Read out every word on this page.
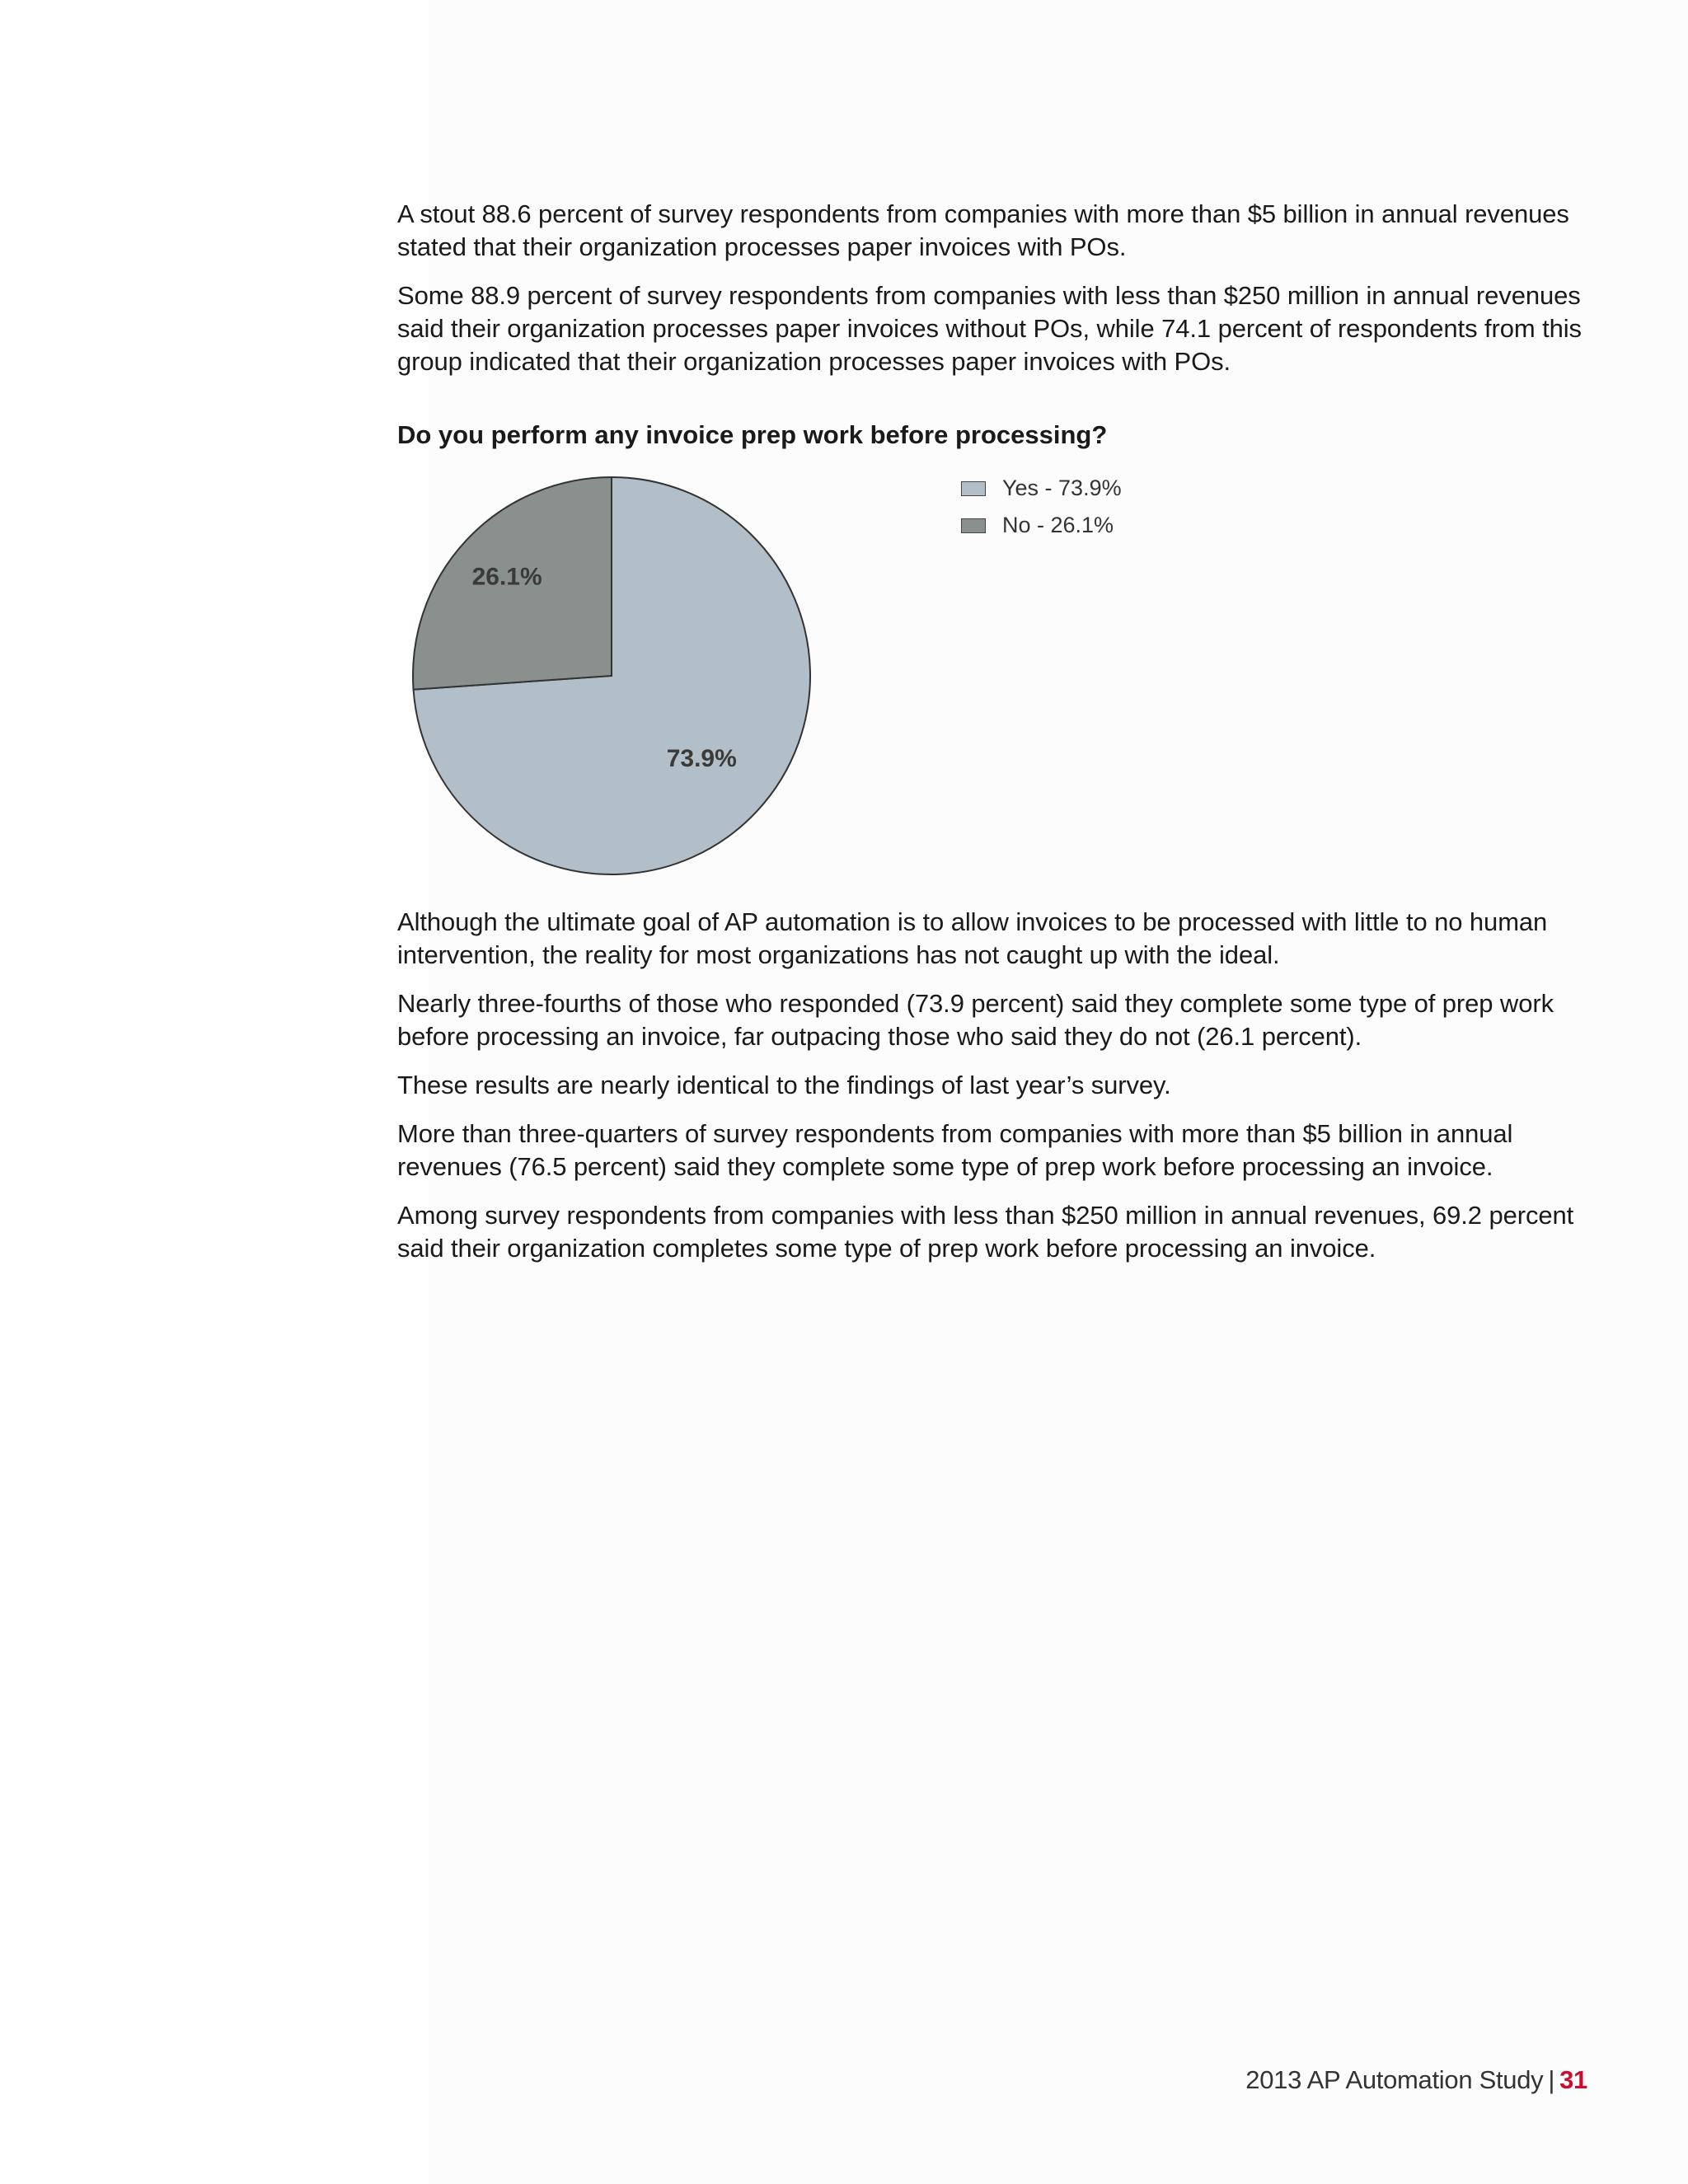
A stout 88.6 percent of survey respondents from companies with more than $5 billion in annual revenues stated that their organization processes paper invoices with POs.

Some 88.9 percent of survey respondents from companies with less than $250 million in annual revenues said their organization processes paper invoices without POs, while 74.1 percent of respondents from this group indicated that their organization processes paper invoices with POs.

Do you perform any invoice prep work before processing?

Although the ultimate goal of AP automation is to allow invoices to be processed with little to no human intervention, the reality for most organizations has not caught up with the ideal.

Nearly three-fourths of those who responded (73.9 percent) said they complete some type of prep work before processing an invoice, far outpacing those who said they do not (26.1 percent).

These results are nearly identical to the findings of last year’s survey.

More than three-quarters of survey respondents from companies with more than $5 billion in annual revenues (76.5 percent) said they complete some type of prep work before processing an invoice.

Among survey respondents from companies with less than $250 million in annual revenues, 69.2 percent said their organization completes some type of prep work before processing an invoice.

73.9%
26.1%
Yes - 73.9%
No - 26.1%
2013 AP Automation Study | 31
